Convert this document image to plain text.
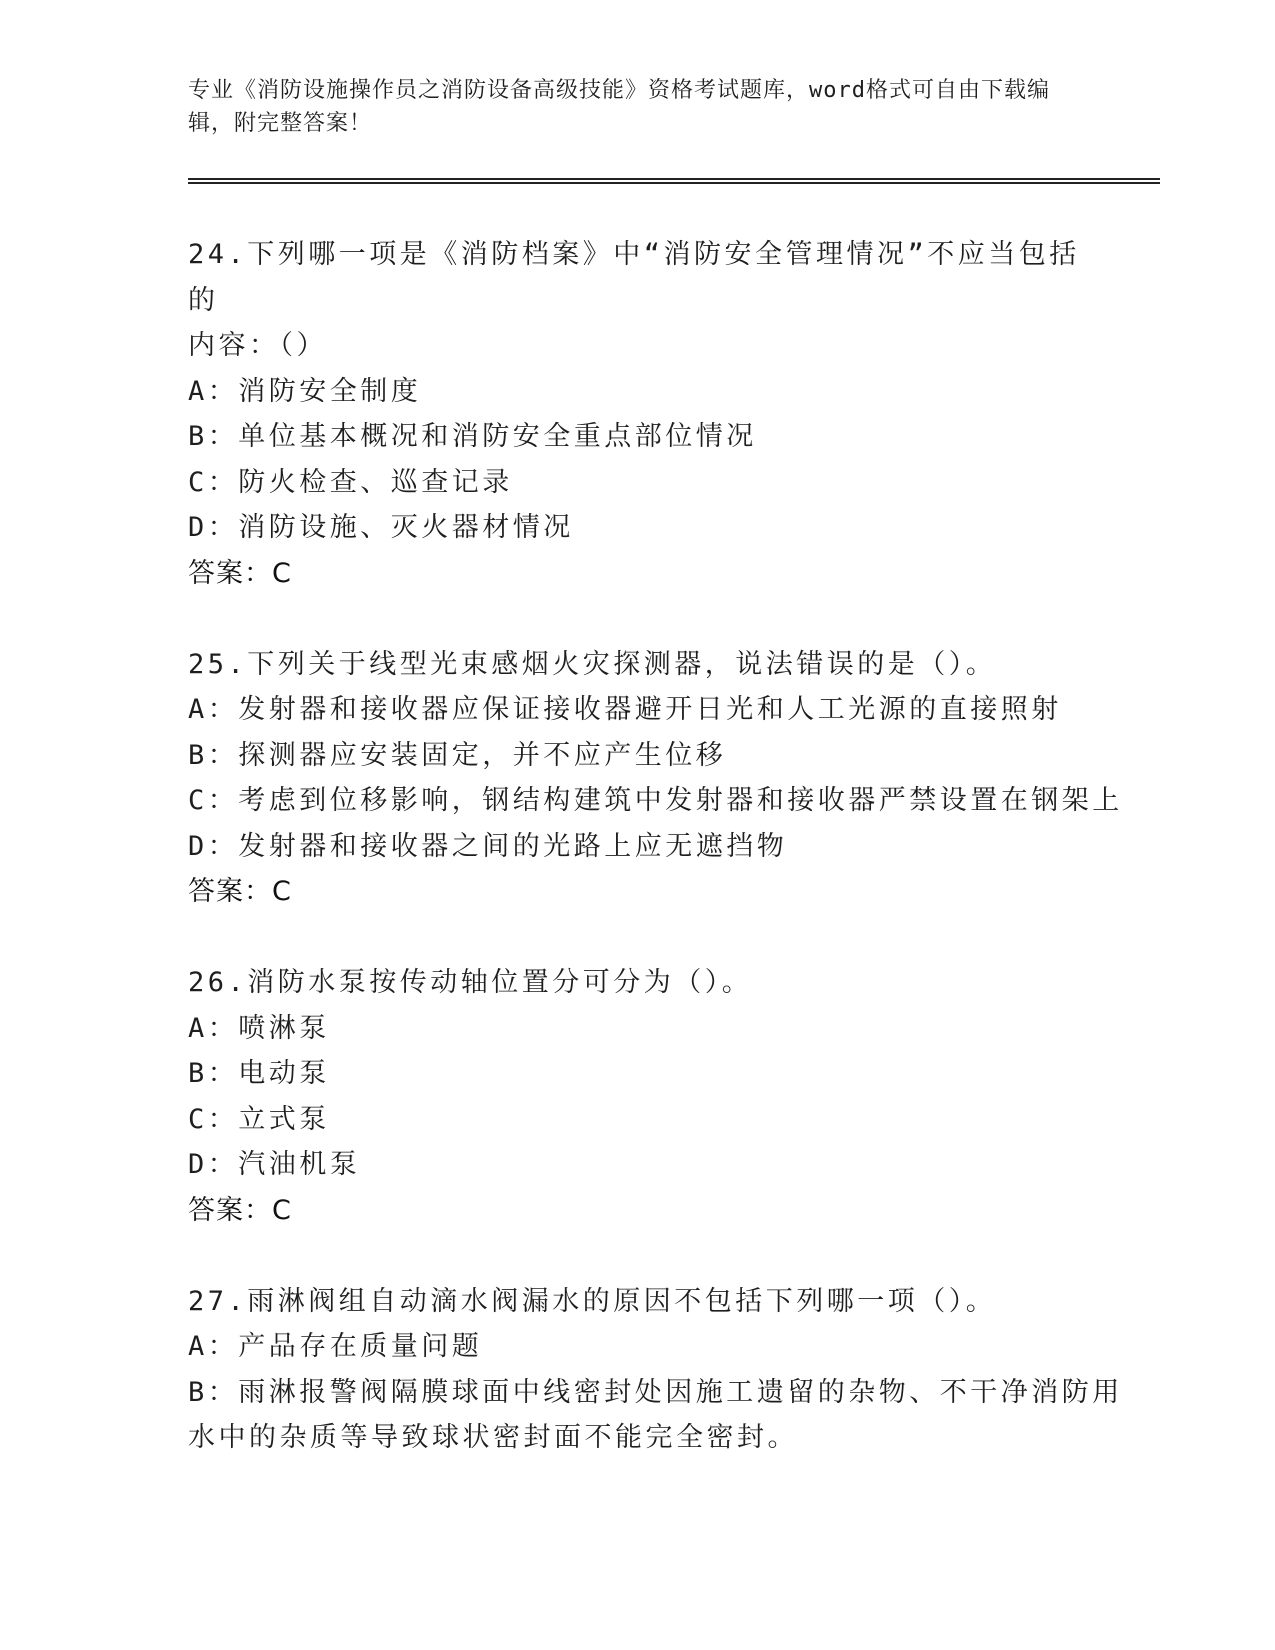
专业《消防设施操作员之消防设备高级技能》资格考试题库，word格式可自由下载编辑，附完整答案！
24.下列哪一项是《消防档案》中“消防安全管理情况”不应当包括的
内容：（）
A：消防安全制度
B：单位基本概况和消防安全重点部位情况
C：防火检查、巡查记录
D：消防设施、灭火器材情况
答案：C
25.下列关于线型光束感烟火灾探测器，说法错误的是（）。
A：发射器和接收器应保证接收器避开日光和人工光源的直接照射
B：探测器应安装固定，并不应产生位移
C：考虑到位移影响，钢结构建筑中发射器和接收器严禁设置在钢架上
D：发射器和接收器之间的光路上应无遮挡物
答案：C
26.消防水泵按传动轴位置分可分为（）。
A：喷淋泵
B：电动泵
C：立式泵
D：汽油机泵
答案：C
27.雨淋阀组自动滴水阀漏水的原因不包括下列哪一项（）。
A：产品存在质量问题
B：雨淋报警阀隔膜球面中线密封处因施工遗留的杂物、不干净消防用
水中的杂质等导致球状密封面不能完全密封。
